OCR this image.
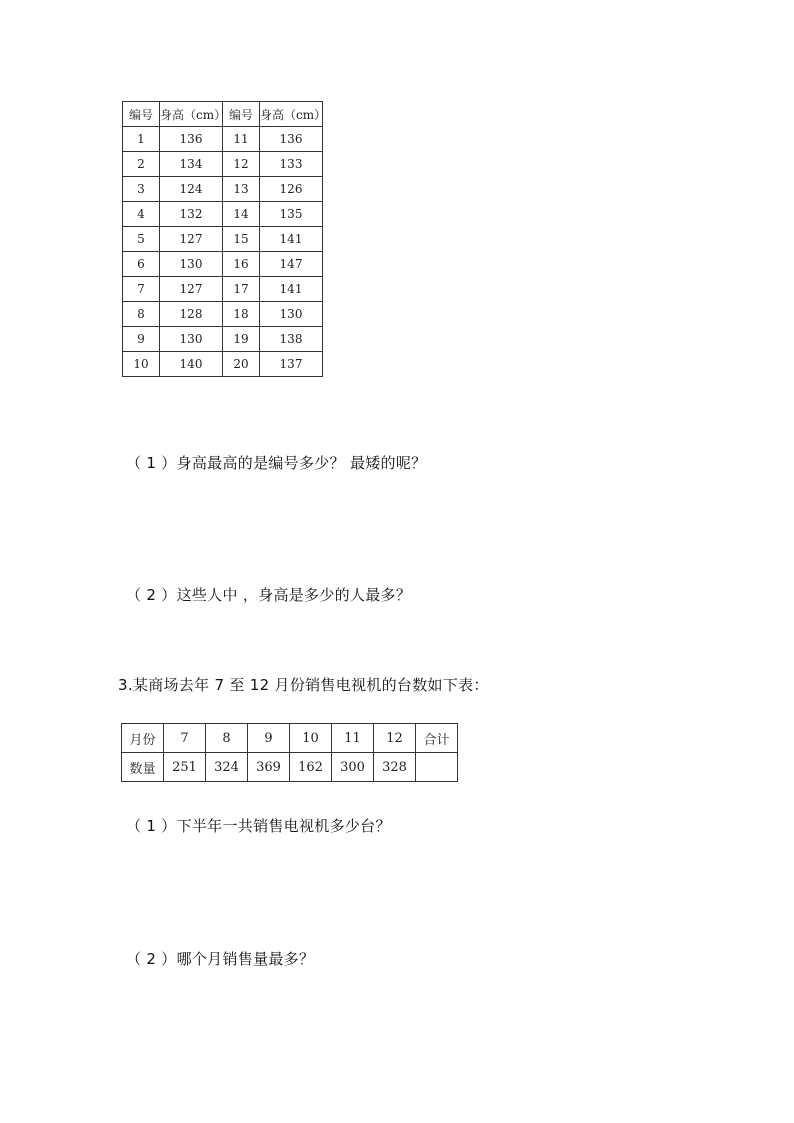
编号	身高（cm）	编号	身高（cm）
1	136	11	136
2	134	12	133
3	124	13	126
4	132	14	135
5	127	15	141
6	130	16	147
7	127	17	141
8	128	18	130
9	130	19	138
10	140	20	137
（ 1 ）身高最高的是编号多少？ 最矮的呢？
（ 2 ）这些人中 ，身高是多少的人最多？
3.某商场去年 7 至 12 月份销售电视机的台数如下表：
月份	7	8	9	10	11	12	合计
数量	251	324	369	162	300	328	
（ 1 ）下半年一共销售电视机多少台？
（ 2 ）哪个月销售量最多？
